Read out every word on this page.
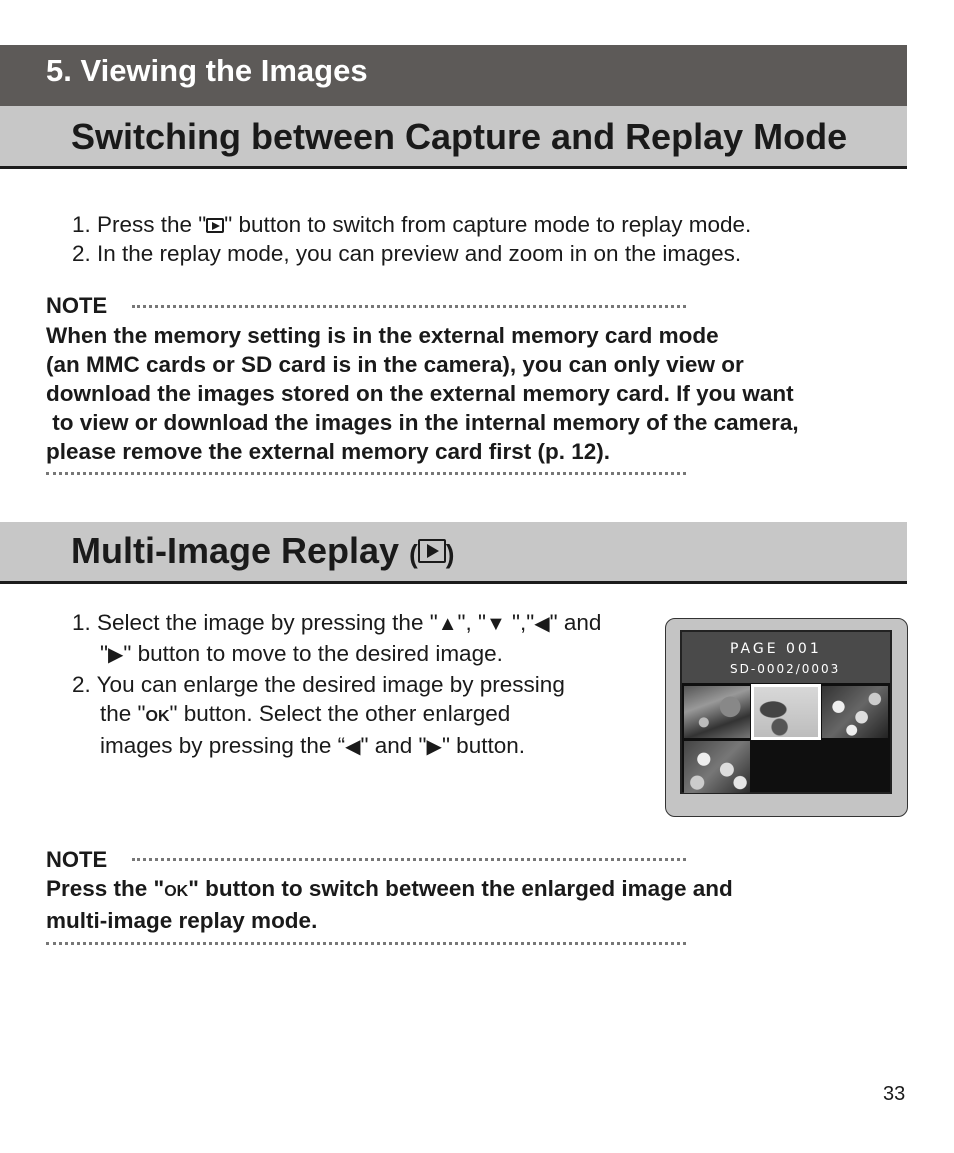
5. Viewing the Images
Switching between Capture and Replay Mode
1. Press the " " button to switch from capture mode to replay mode.
2. In the replay mode, you can preview and zoom in on the images.
NOTE
When the memory setting is in the external memory card mode
(an MMC cards or SD card is in the camera), you can only view or
download the images stored on the external memory card. If you want
to view or download the images in the internal memory of the camera,
please remove the external memory card first (p. 12).
Multi-Image Replay ( )
1. Select the image by pressing the "▲", "▼ ","◀" and
"▶" button to move to the desired image.
2. You can enlarge the desired image by pressing
the "OK" button. Select the other enlarged
images by pressing the “◀" and "▶" button.
PAGE 001
SD-0002/0003
NOTE
Press the "OK" button to switch between the enlarged image and
multi-image replay mode.
33
